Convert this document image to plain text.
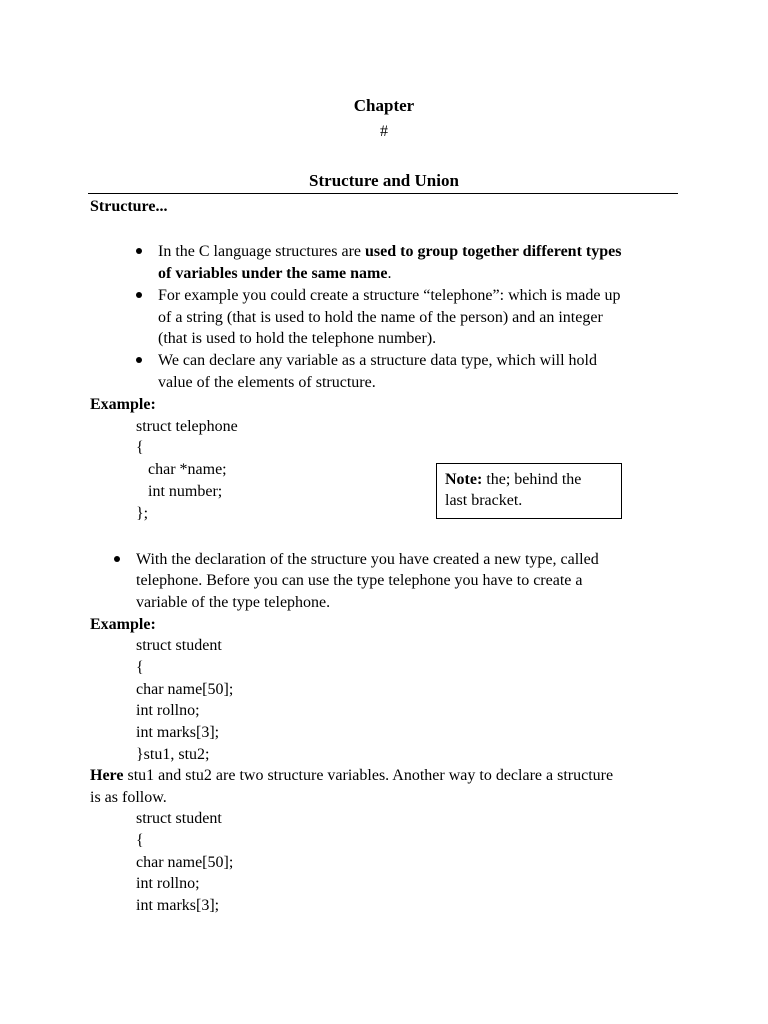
Chapter
#
Structure and Union
Structure...
In the C language structures are used to group together different types
of variables under the same name.
For example you could create a structure “telephone”: which is made up
of a string (that is used to hold the name of the person) and an integer
(that is used to hold the telephone number).
We can declare any variable as a structure data type, which will hold
value of the elements of structure.
Example:
struct telephone
{
char *name;
int number;
};
Note: the; behind the
last bracket.
With the declaration of the structure you have created a new type, called
telephone. Before you can use the type telephone you have to create a
variable of the type telephone.
Example:
struct student
{
char name[50];
int rollno;
int marks[3];
}stu1, stu2;
Here stu1 and stu2 are two structure variables. Another way to declare a structure
is as follow.
struct student
{
char name[50];
int rollno;
int marks[3];
